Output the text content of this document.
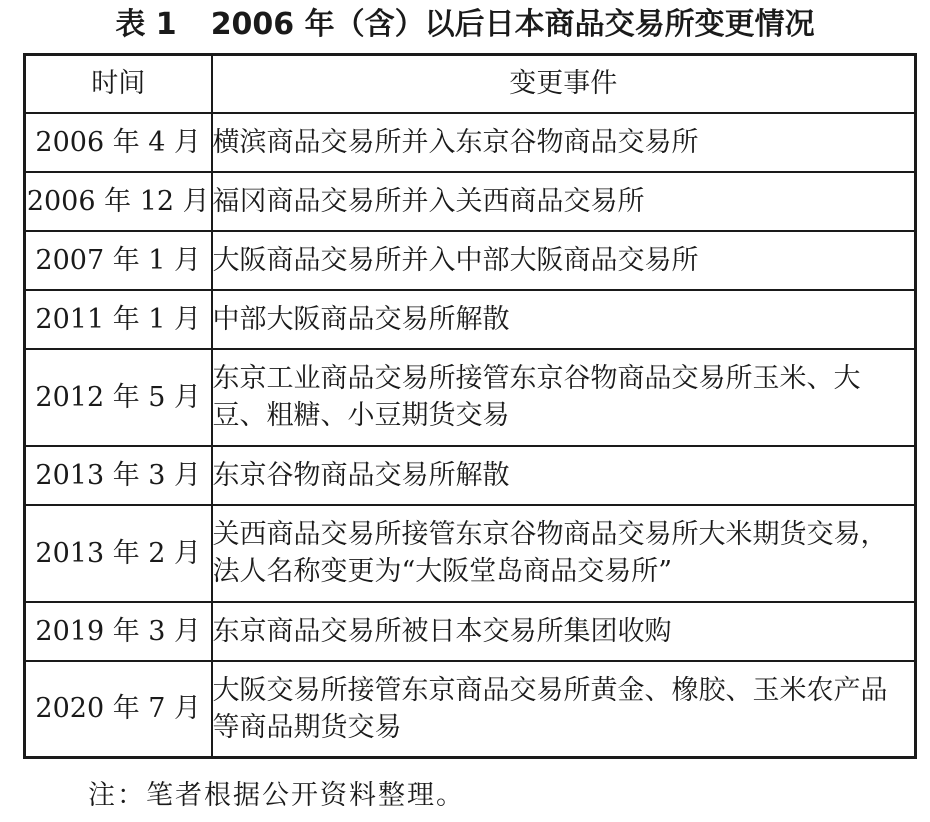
表 1 2006 年（含）以后日本商品交易所变更情况
时间	变更事件
2006 年 4 月	横滨商品交易所并入东京谷物商品交易所
2006 年 12 月	福冈商品交易所并入关西商品交易所
2007 年 1 月	大阪商品交易所并入中部大阪商品交易所
2011 年 1 月	中部大阪商品交易所解散
2012 年 5 月	东京工业商品交易所接管东京谷物商品交易所玉米、大豆、粗糖、小豆期货交易
2013 年 3 月	东京谷物商品交易所解散
2013 年 2 月	关西商品交易所接管东京谷物商品交易所大米期货交易，法人名称变更为“大阪堂岛商品交易所”
2019 年 3 月	东京商品交易所被日本交易所集团收购
2020 年 7 月	大阪交易所接管东京商品交易所黄金、橡胶、玉米农产品等商品期货交易
注：笔者根据公开资料整理。
